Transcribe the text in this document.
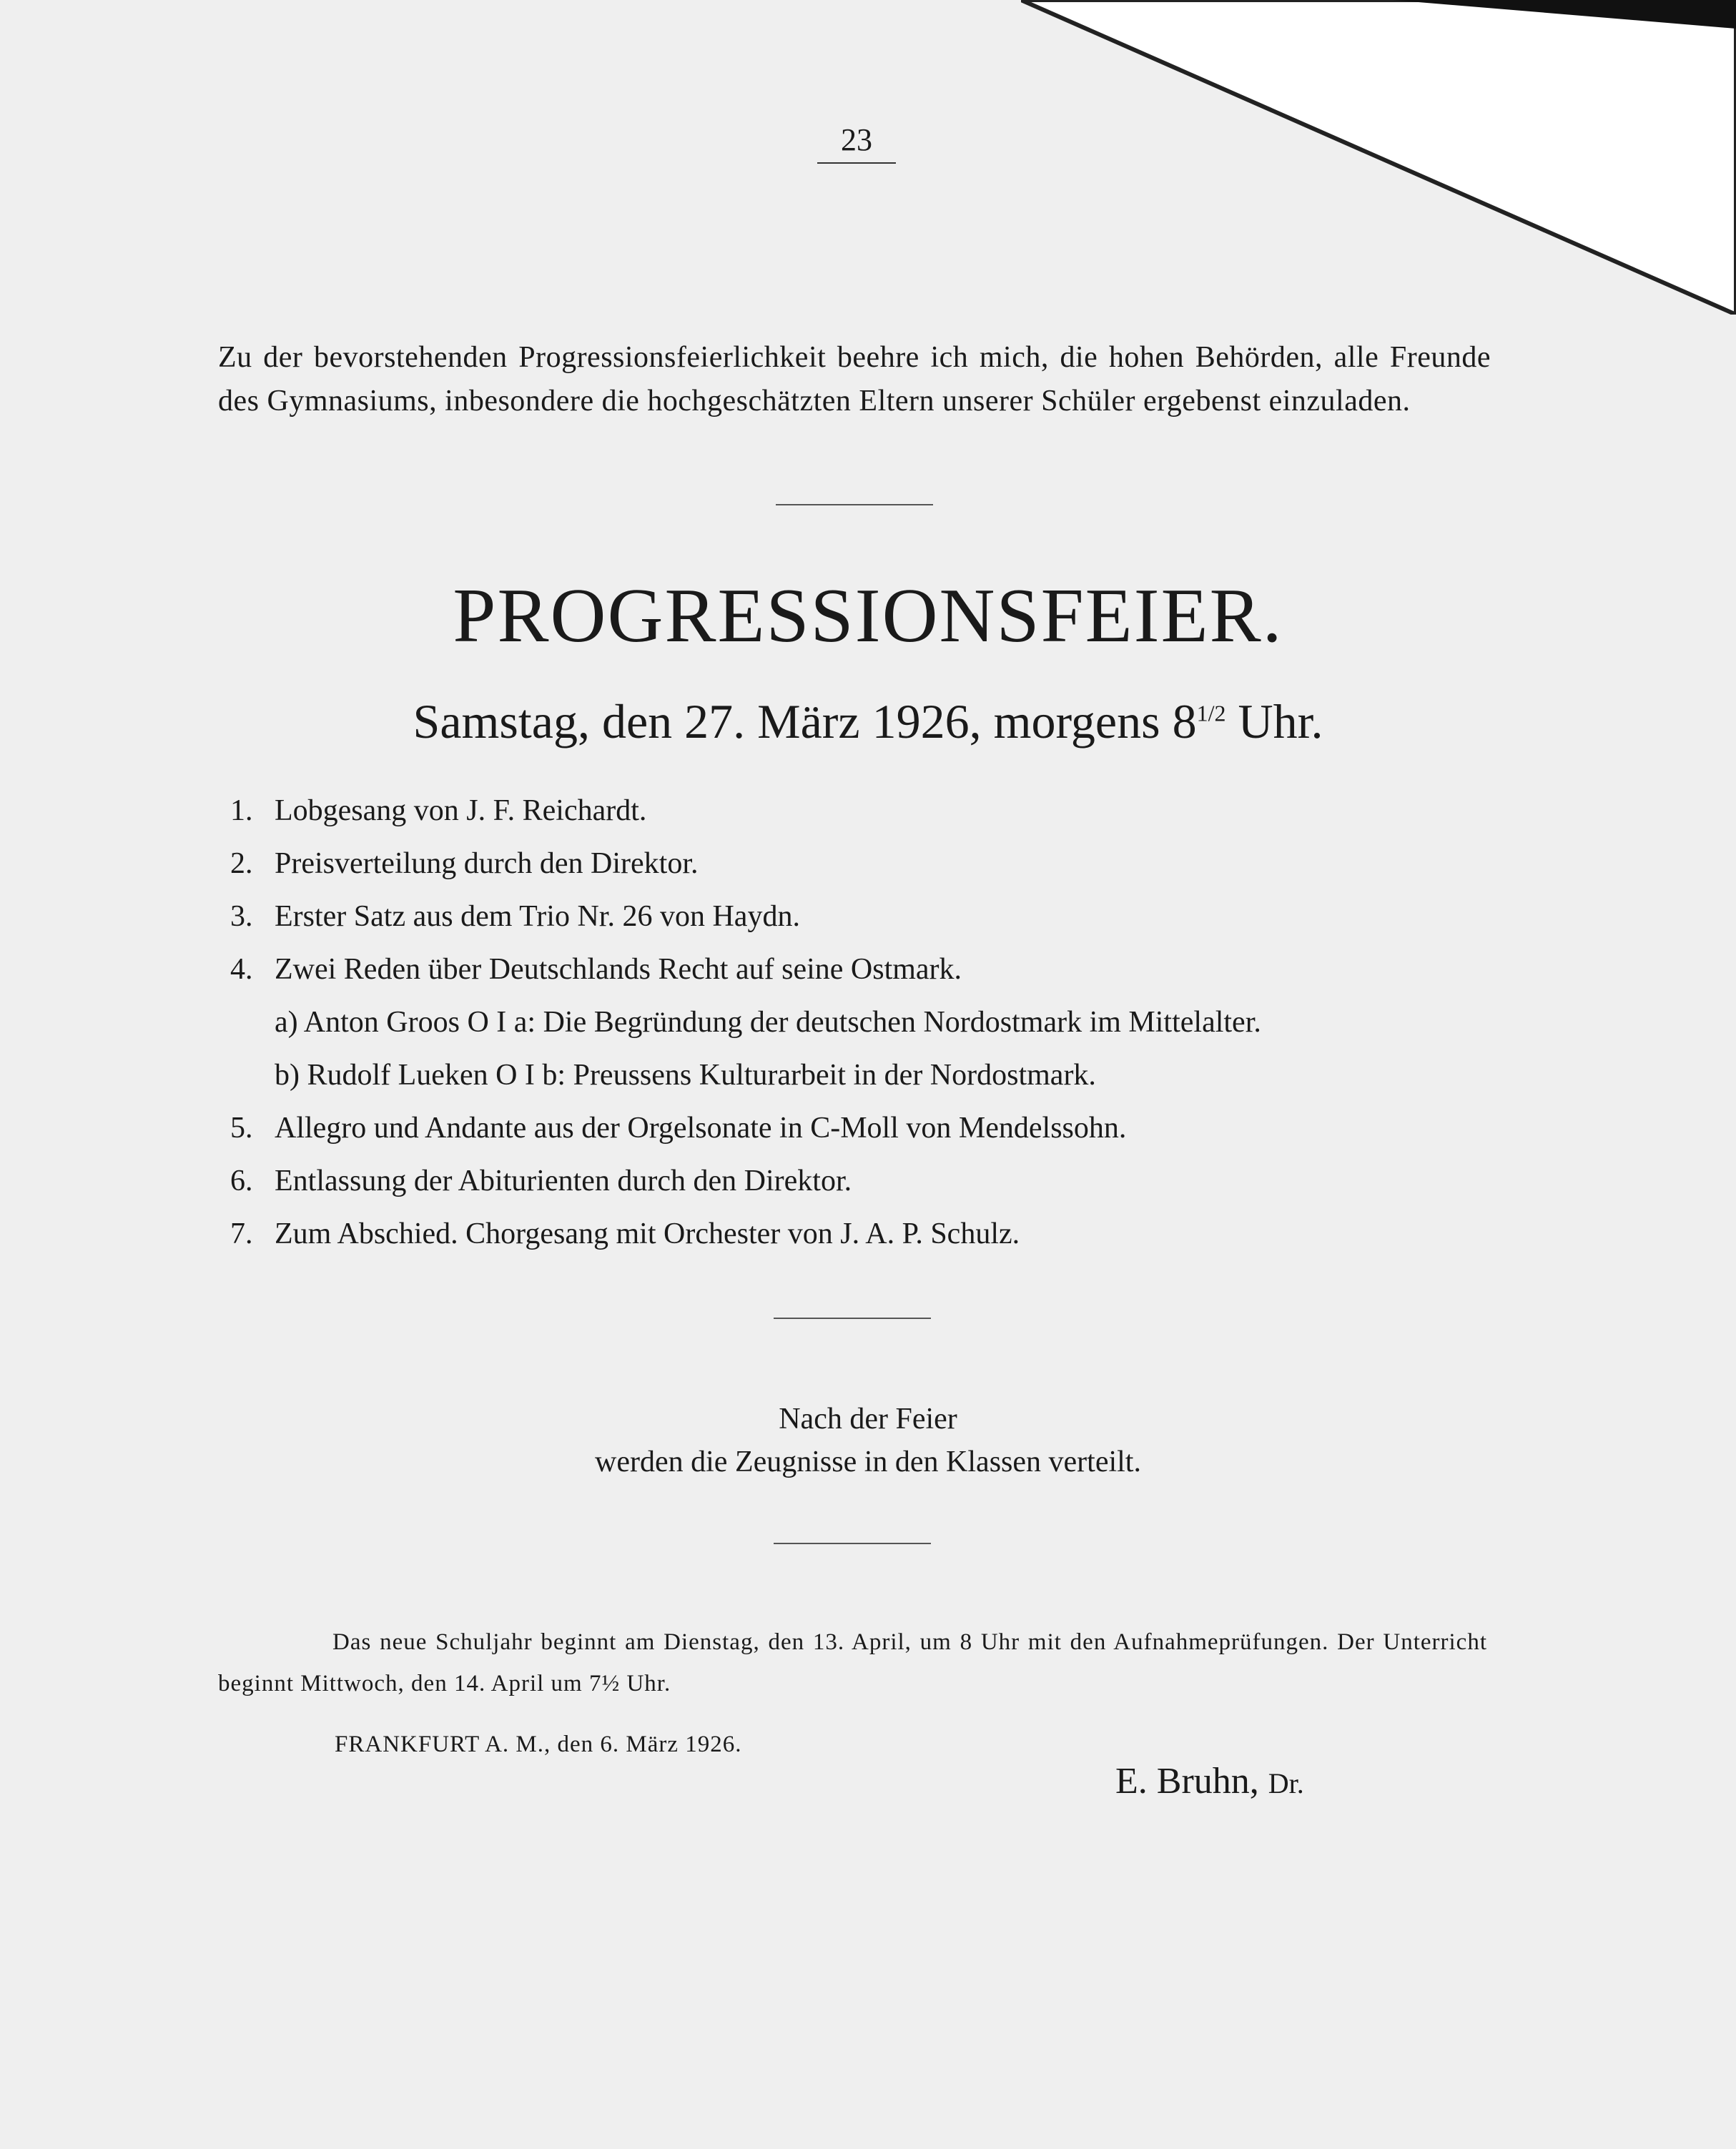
23
Zu der bevorstehenden Progressionsfeierlichkeit beehre ich mich, die hohen Behörden, alle Freunde des Gymnasiums, inbesondere die hochgeschätzten Eltern unserer Schüler ergebenst einzuladen.
PROGRESSIONSFEIER.
Samstag, den 27. März 1926, morgens $8^{1/2}$ Uhr.
1. Lobgesang von J. F. Reichardt.
2. Preisverteilung durch den Direktor.
3. Erster Satz aus dem Trio Nr. 26 von Haydn.
4. Zwei Reden über Deutschlands Recht auf seine Ostmark.
a) Anton Groos O I a: Die Begründung der deutschen Nordostmark im Mittelalter.
b) Rudolf Lueken O I b: Preussens Kulturarbeit in der Nordostmark.
5. Allegro und Andante aus der Orgelsonate in C-Moll von Mendelssohn.
6. Entlassung der Abiturienten durch den Direktor.
7. Zum Abschied. Chorgesang mit Orchester von J. A. P. Schulz.
Nach der Feier
werden die Zeugnisse in den Klassen verteilt.
Das neue Schuljahr beginnt am Dienstag, den 13. April, um 8 Uhr mit den Aufnahmeprüfungen. Der Unterricht beginnt Mittwoch, den 14. April um 7½ Uhr.
FRANKFURT A. M., den 6. März 1926.
E. Bruhn, Dr.
